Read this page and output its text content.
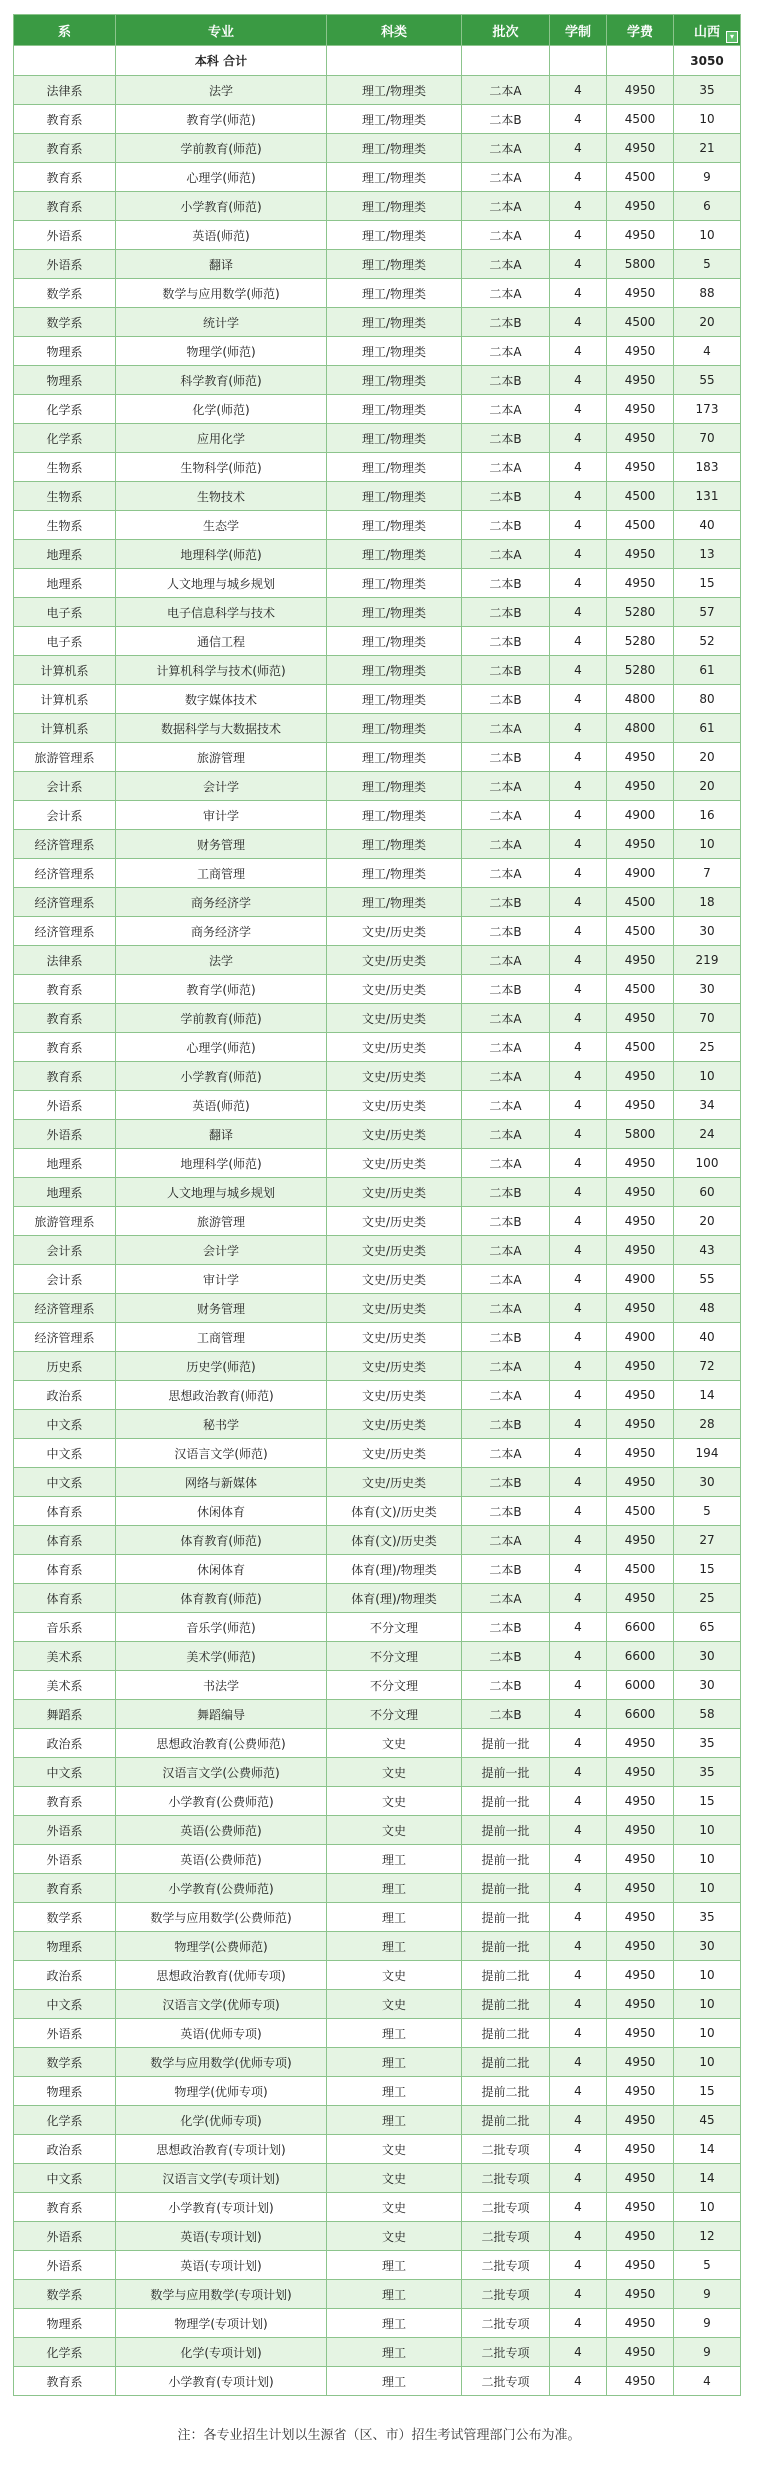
系	专业	科类	批次	学制	学费	山西 ▾

	本科 合计					3050
法律系	法学	理工/物理类	二本A	4	4950	35
教育系	教育学(师范)	理工/物理类	二本B	4	4500	10
教育系	学前教育(师范)	理工/物理类	二本A	4	4950	21
教育系	心理学(师范)	理工/物理类	二本A	4	4500	9
教育系	小学教育(师范)	理工/物理类	二本A	4	4950	6
外语系	英语(师范)	理工/物理类	二本A	4	4950	10
外语系	翻译	理工/物理类	二本A	4	5800	5
数学系	数学与应用数学(师范)	理工/物理类	二本A	4	4950	88
数学系	统计学	理工/物理类	二本B	4	4500	20
物理系	物理学(师范)	理工/物理类	二本A	4	4950	4
物理系	科学教育(师范)	理工/物理类	二本B	4	4950	55
化学系	化学(师范)	理工/物理类	二本A	4	4950	173
化学系	应用化学	理工/物理类	二本B	4	4950	70
生物系	生物科学(师范)	理工/物理类	二本A	4	4950	183
生物系	生物技术	理工/物理类	二本B	4	4500	131
生物系	生态学	理工/物理类	二本B	4	4500	40
地理系	地理科学(师范)	理工/物理类	二本A	4	4950	13
地理系	人文地理与城乡规划	理工/物理类	二本B	4	4950	15
电子系	电子信息科学与技术	理工/物理类	二本B	4	5280	57
电子系	通信工程	理工/物理类	二本B	4	5280	52
计算机系	计算机科学与技术(师范)	理工/物理类	二本B	4	5280	61
计算机系	数字媒体技术	理工/物理类	二本B	4	4800	80
计算机系	数据科学与大数据技术	理工/物理类	二本A	4	4800	61
旅游管理系	旅游管理	理工/物理类	二本B	4	4950	20
会计系	会计学	理工/物理类	二本A	4	4950	20
会计系	审计学	理工/物理类	二本A	4	4900	16
经济管理系	财务管理	理工/物理类	二本A	4	4950	10
经济管理系	工商管理	理工/物理类	二本A	4	4900	7
经济管理系	商务经济学	理工/物理类	二本B	4	4500	18
经济管理系	商务经济学	文史/历史类	二本B	4	4500	30
法律系	法学	文史/历史类	二本A	4	4950	219
教育系	教育学(师范)	文史/历史类	二本B	4	4500	30
教育系	学前教育(师范)	文史/历史类	二本A	4	4950	70
教育系	心理学(师范)	文史/历史类	二本A	4	4500	25
教育系	小学教育(师范)	文史/历史类	二本A	4	4950	10
外语系	英语(师范)	文史/历史类	二本A	4	4950	34
外语系	翻译	文史/历史类	二本A	4	5800	24
地理系	地理科学(师范)	文史/历史类	二本A	4	4950	100
地理系	人文地理与城乡规划	文史/历史类	二本B	4	4950	60
旅游管理系	旅游管理	文史/历史类	二本B	4	4950	20
会计系	会计学	文史/历史类	二本A	4	4950	43
会计系	审计学	文史/历史类	二本A	4	4900	55
经济管理系	财务管理	文史/历史类	二本A	4	4950	48
经济管理系	工商管理	文史/历史类	二本B	4	4900	40
历史系	历史学(师范)	文史/历史类	二本A	4	4950	72
政治系	思想政治教育(师范)	文史/历史类	二本A	4	4950	14
中文系	秘书学	文史/历史类	二本B	4	4950	28
中文系	汉语言文学(师范)	文史/历史类	二本A	4	4950	194
中文系	网络与新媒体	文史/历史类	二本B	4	4950	30
体育系	休闲体育	体育(文)/历史类	二本B	4	4500	5
体育系	体育教育(师范)	体育(文)/历史类	二本A	4	4950	27
体育系	休闲体育	体育(理)/物理类	二本B	4	4500	15
体育系	体育教育(师范)	体育(理)/物理类	二本A	4	4950	25
音乐系	音乐学(师范)	不分文理	二本B	4	6600	65
美术系	美术学(师范)	不分文理	二本B	4	6600	30
美术系	书法学	不分文理	二本B	4	6000	30
舞蹈系	舞蹈编导	不分文理	二本B	4	6600	58
政治系	思想政治教育(公费师范)	文史	提前一批	4	4950	35
中文系	汉语言文学(公费师范)	文史	提前一批	4	4950	35
教育系	小学教育(公费师范)	文史	提前一批	4	4950	15
外语系	英语(公费师范)	文史	提前一批	4	4950	10
外语系	英语(公费师范)	理工	提前一批	4	4950	10
教育系	小学教育(公费师范)	理工	提前一批	4	4950	10
数学系	数学与应用数学(公费师范)	理工	提前一批	4	4950	35
物理系	物理学(公费师范)	理工	提前一批	4	4950	30
政治系	思想政治教育(优师专项)	文史	提前二批	4	4950	10
中文系	汉语言文学(优师专项)	文史	提前二批	4	4950	10
外语系	英语(优师专项)	理工	提前二批	4	4950	10
数学系	数学与应用数学(优师专项)	理工	提前二批	4	4950	10
物理系	物理学(优师专项)	理工	提前二批	4	4950	15
化学系	化学(优师专项)	理工	提前二批	4	4950	45
政治系	思想政治教育(专项计划)	文史	二批专项	4	4950	14
中文系	汉语言文学(专项计划)	文史	二批专项	4	4950	14
教育系	小学教育(专项计划)	文史	二批专项	4	4950	10
外语系	英语(专项计划)	文史	二批专项	4	4950	12
外语系	英语(专项计划)	理工	二批专项	4	4950	5
数学系	数学与应用数学(专项计划)	理工	二批专项	4	4950	9
物理系	物理学(专项计划)	理工	二批专项	4	4950	9
化学系	化学(专项计划)	理工	二批专项	4	4950	9
教育系	小学教育(专项计划)	理工	二批专项	4	4950	4
注：各专业招生计划以生源省（区、市）招生考试管理部门公布为准。
